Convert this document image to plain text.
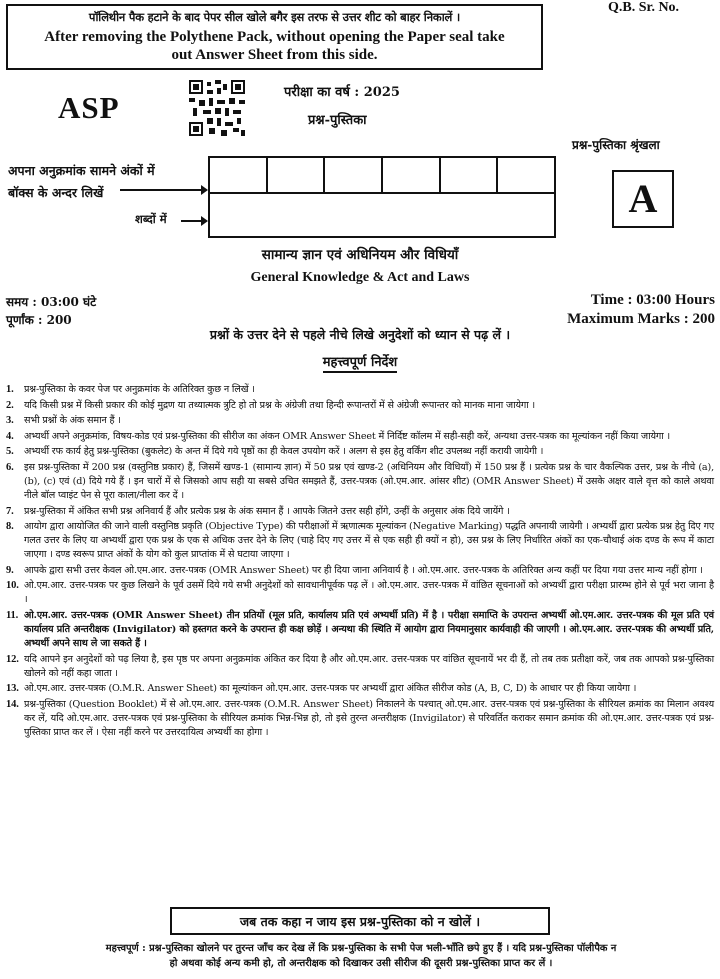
पॉलिथीन पैक हटाने के बाद पेपर सील खोले बगैर इस तरफ से उत्तर शीट को बाहर निकालें ।
After removing the Polythene Pack, without opening the Paper seal take
out Answer Sheet from this side.
Q.B. Sr. No.
ASP	परीक्षा का वर्ष : 2025
प्रश्न-पुस्तिका
प्रश्न-पुस्तिका श्रृंखला
A
अपना अनुक्रमांक सामने अंकों में
बॉक्स के अन्दर लिखें
शब्दों में
सामान्य ज्ञान एवं अधिनियम और विधियाँ
General Knowledge & Act and Laws
समय : 03:00 घंटे
पूर्णांक : 200
Time : 03:00 Hours
Maximum Marks : 200
प्रश्नों के उत्तर देने से पहले नीचे लिखे अनुदेशों को ध्यान से पढ़ लें ।
महत्त्वपूर्ण निर्देश
1.	प्रश्न-पुस्तिका के कवर पेज पर अनुक्रमांक के अतिरिक्त कुछ न लिखें ।
2.	यदि किसी प्रश्न में किसी प्रकार की कोई मुद्रण या तथ्यात्मक त्रुटि हो तो प्रश्न के अंग्रेजी तथा हिन्दी रूपान्तरों में से अंग्रेजी रूपान्तर को मानक माना जायेगा ।
3.	सभी प्रश्नों के अंक समान हैं ।
4.	अभ्यर्थी अपने अनुक्रमांक, विषय-कोड एवं प्रश्न-पुस्तिका की सीरीज का अंकन OMR Answer Sheet में निर्दिष्ट कॉलम में सही-सही करें, अन्यथा उत्तर-पत्रक का मूल्यांकन नहीं किया जायेगा ।
5.	अभ्यर्थी रफ कार्य हेतु प्रश्न-पुस्तिका (बुकलेट) के अन्त में दिये गये पृष्ठों का ही केवल उपयोग करें । अलग से इस हेतु वर्किंग शीट उपलब्ध नहीं करायी जायेगी ।
6.	इस प्रश्न-पुस्तिका में 200 प्रश्न (वस्तुनिष्ठ प्रकार) हैं, जिसमें खण्ड-1 (सामान्य ज्ञान) में 50 प्रश्न एवं खण्ड-2 (अधिनियम और विधियाँ) में 150 प्रश्न हैं । प्रत्येक प्रश्न के चार वैकल्पिक उत्तर, प्रश्न के नीचे (a), (b), (c) एवं (d) दिये गये हैं । इन चारों में से जिसको आप सही या सबसे उचित समझते हैं, उत्तर-पत्रक (ओ.एम.आर. आंसर शीट) (OMR Answer Sheet) में उसके अक्षर वाले वृत्त को काले अथवा नीले बॉल प्वाइंट पेन से पूरा काला/नीला कर दें ।
7.	प्रश्न-पुस्तिका में अंकित सभी प्रश्न अनिवार्य हैं और प्रत्येक प्रश्न के अंक समान हैं । आपके जितने उत्तर सही होंगे, उन्हीं के अनुसार अंक दिये जायेंगे ।
8.	आयोग द्वारा आयोजित की जाने वाली वस्तुनिष्ठ प्रकृति (Objective Type) की परीक्षाओं में ऋणात्मक मूल्यांकन (Negative Marking) पद्धति अपनायी जायेगी । अभ्यर्थी द्वारा प्रत्येक प्रश्न हेतु दिए गए गलत उत्तर के लिए या अभ्यर्थी द्वारा एक प्रश्न के एक से अधिक उत्तर देने के लिए (चाहे दिए गए उत्तर में से एक सही ही क्यों न हो), उस प्रश्न के लिए निर्धारित अंकों का एक-चौथाई अंक दण्ड के रूप में काटा जाएगा । दण्ड स्वरूप प्राप्त अंकों के योग को कुल प्राप्तांक में से घटाया जाएगा ।
9.	आपके द्वारा सभी उत्तर केवल ओ.एम.आर. उत्तर-पत्रक (OMR Answer Sheet) पर ही दिया जाना अनिवार्य है । ओ.एम.आर. उत्तर-पत्रक के अतिरिक्त अन्य कहीं पर दिया गया उत्तर मान्य नहीं होगा ।
10. ओ.एम.आर. उत्तर-पत्रक पर कुछ लिखने के पूर्व उसमें दिये गये सभी अनुदेशों को सावधानीपूर्वक पढ़ लें । ओ.एम.आर. उत्तर-पत्रक में वांछित सूचनाओं को अभ्यर्थी द्वारा परीक्षा प्रारम्भ होने से पूर्व भरा जाना है ।
11. ओ.एम.आर. उत्तर-पत्रक (OMR Answer Sheet) तीन प्रतियों (मूल प्रति, कार्यालय प्रति एवं अभ्यर्थी प्रति) में है । परीक्षा समाप्ति के उपरान्त अभ्यर्थी ओ.एम.आर. उत्तर-पत्रक की मूल प्रति एवं कार्यालय प्रति अन्तरीक्षक (Invigilator) को हस्तगत करने के उपरान्त ही कक्ष छोड़ें । अन्यथा की स्थिति में आयोग द्वारा नियमानुसार कार्यवाही की जाएगी । ओ.एम.आर. उत्तर-पत्रक की अभ्यर्थी प्रति, अभ्यर्थी अपने साथ ले जा सकते हैं ।
12. यदि आपने इन अनुदेशों को पढ़ लिया है, इस पृष्ठ पर अपना अनुक्रमांक अंकित कर दिया है और ओ.एम.आर. उत्तर-पत्रक पर वांछित सूचनायें भर दी हैं, तो तब तक प्रतीक्षा करें, जब तक आपको प्रश्न-पुस्तिका खोलने को नहीं कहा जाता ।
13. ओ.एम.आर. उत्तर-पत्रक (O.M.R. Answer Sheet) का मूल्यांकन ओ.एम.आर. उत्तर-पत्रक पर अभ्यर्थी द्वारा अंकित सीरीज कोड (A, B, C, D) के आधार पर ही किया जायेगा ।
14. प्रश्न-पुस्तिका (Question Booklet) में से ओ.एम.आर. उत्तर-पत्रक (O.M.R. Answer Sheet) निकालने के पश्चात् ओ.एम.आर. उत्तर-पत्रक एवं प्रश्न-पुस्तिका के सीरियल क्रमांक का मिलान अवश्य कर लें, यदि ओ.एम.आर. उत्तर-पत्रक एवं प्रश्न-पुस्तिका के सीरियल क्रमांक भिन्न-भिन्न हो, तो इसे तुरन्त अन्तरीक्षक (Invigilator) से परिवर्तित कराकर समान क्रमांक की ओ.एम.आर. उत्तर-पत्रक एवं प्रश्न-पुस्तिका प्राप्त कर लें । ऐसा नहीं करने पर उत्तरदायित्व अभ्यर्थी का होगा ।
जब तक कहा न जाय इस प्रश्न-पुस्तिका को न खोलें ।
महत्त्वपूर्ण : प्रश्न-पुस्तिका खोलने पर तुरन्त जाँच कर देख लें कि प्रश्न-पुस्तिका के सभी पेज भली-भाँति छपे हुए हैं । यदि प्रश्न-पुस्तिका पॉलीपैक न
हो अथवा कोई अन्य कमी हो, तो अन्तरीक्षक को दिखाकर उसी सीरीज की दूसरी प्रश्न-पुस्तिका प्राप्त कर लें ।
